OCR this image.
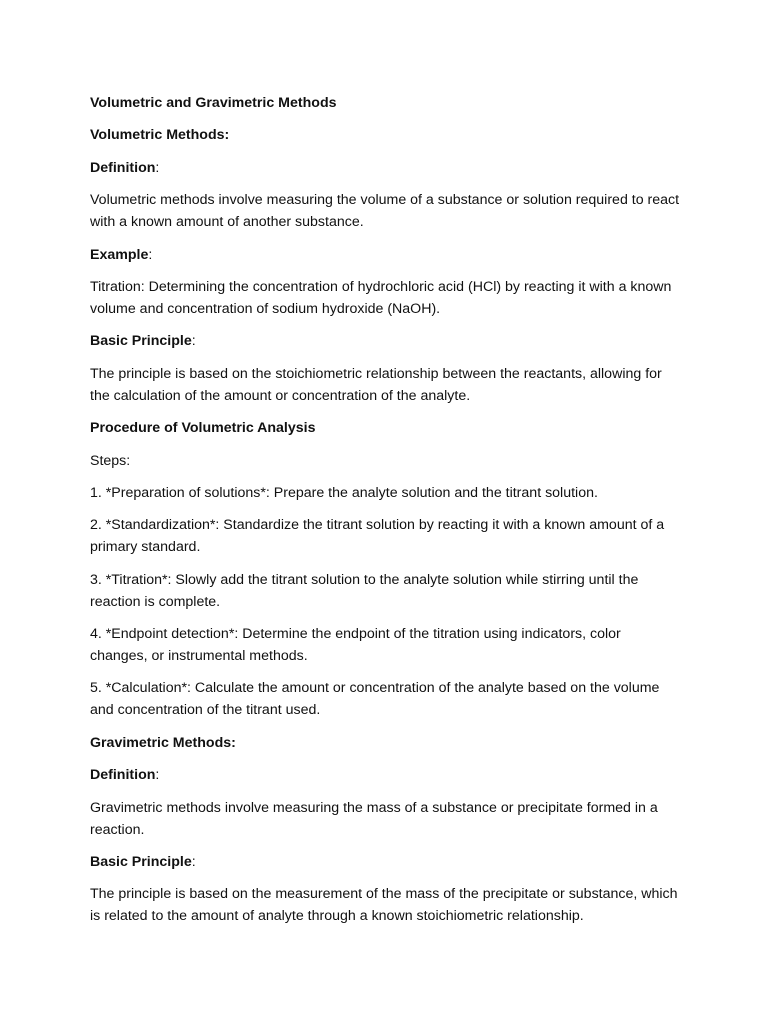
Volumetric and Gravimetric Methods

Volumetric Methods:

Definition:

Volumetric methods involve measuring the volume of a substance or solution required to react with a known amount of another substance.

Example:

Titration: Determining the concentration of hydrochloric acid (HCl) by reacting it with a known volume and concentration of sodium hydroxide (NaOH).

Basic Principle:

The principle is based on the stoichiometric relationship between the reactants, allowing for the calculation of the amount or concentration of the analyte.

Procedure of Volumetric Analysis

Steps:

1. *Preparation of solutions*: Prepare the analyte solution and the titrant solution.

2. *Standardization*: Standardize the titrant solution by reacting it with a known amount of a primary standard.

3. *Titration*: Slowly add the titrant solution to the analyte solution while stirring until the reaction is complete.

4. *Endpoint detection*: Determine the endpoint of the titration using indicators, color changes, or instrumental methods.

5. *Calculation*: Calculate the amount or concentration of the analyte based on the volume and concentration of the titrant used.

Gravimetric Methods:

Definition:

Gravimetric methods involve measuring the mass of a substance or precipitate formed in a reaction.

Basic Principle:

The principle is based on the measurement of the mass of the precipitate or substance, which is related to the amount of analyte through a known stoichiometric relationship.
